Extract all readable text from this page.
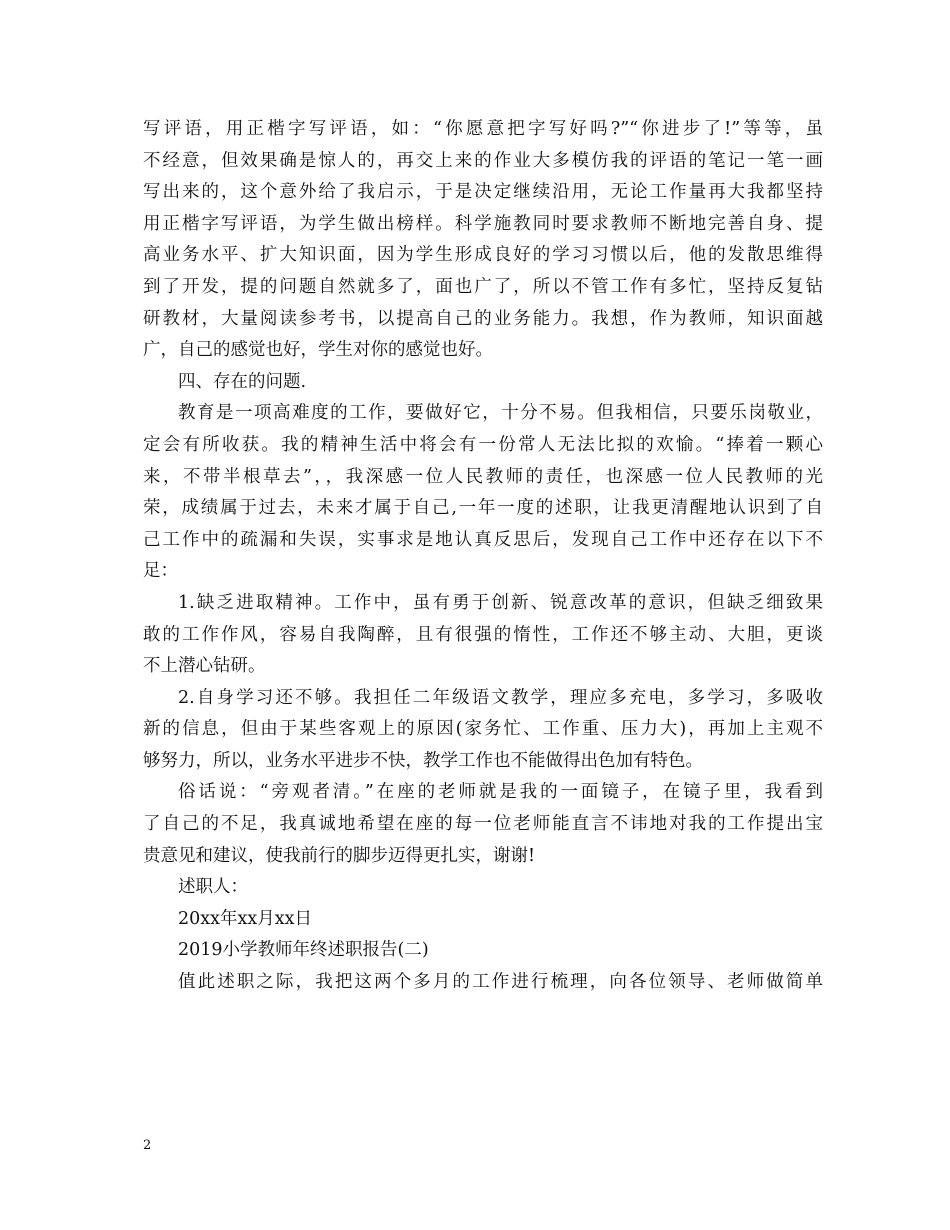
写评语，用正楷字写评语，如：“你愿意把字写好吗?”“你进步了!”等等，虽
不经意，但效果确是惊人的，再交上来的作业大多模仿我的评语的笔记一笔一画
写出来的，这个意外给了我启示，于是决定继续沿用，无论工作量再大我都坚持
用正楷字写评语，为学生做出榜样。科学施教同时要求教师不断地完善自身、提
高业务水平、扩大知识面，因为学生形成良好的学习习惯以后，他的发散思维得
到了开发，提的问题自然就多了，面也广了，所以不管工作有多忙，坚持反复钻
研教材，大量阅读参考书，以提高自己的业务能力。我想，作为教师，知识面越
广，自己的感觉也好，学生对你的感觉也好。
四、存在的问题.
教育是一项高难度的工作，要做好它，十分不易。但我相信，只要乐岗敬业，
定会有所收获。我的精神生活中将会有一份常人无法比拟的欢愉。“捧着一颗心
来，不带半根草去”，，我深感一位人民教师的责任，也深感一位人民教师的光
荣，成绩属于过去，未来才属于自己,一年一度的述职，让我更清醒地认识到了自
己工作中的疏漏和失误，实事求是地认真反思后，发现自己工作中还存在以下不
足：
1.缺乏进取精神。工作中，虽有勇于创新、锐意改革的意识，但缺乏细致果
敢的工作作风，容易自我陶醉，且有很强的惰性，工作还不够主动、大胆，更谈
不上潜心钻研。
2.自身学习还不够。我担任二年级语文教学，理应多充电，多学习，多吸收
新的信息，但由于某些客观上的原因(家务忙、工作重、压力大)，再加上主观不
够努力，所以，业务水平进步不快，教学工作也不能做得出色加有特色。
俗话说：“旁观者清。”在座的老师就是我的一面镜子，在镜子里，我看到
了自己的不足，我真诚地希望在座的每一位老师能直言不讳地对我的工作提出宝
贵意见和建议，使我前行的脚步迈得更扎实，谢谢!
述职人：
20xx年xx月xx日
2019小学教师年终述职报告(二)
值此述职之际，我把这两个多月的工作进行梳理，向各位领导、老师做简单
2
